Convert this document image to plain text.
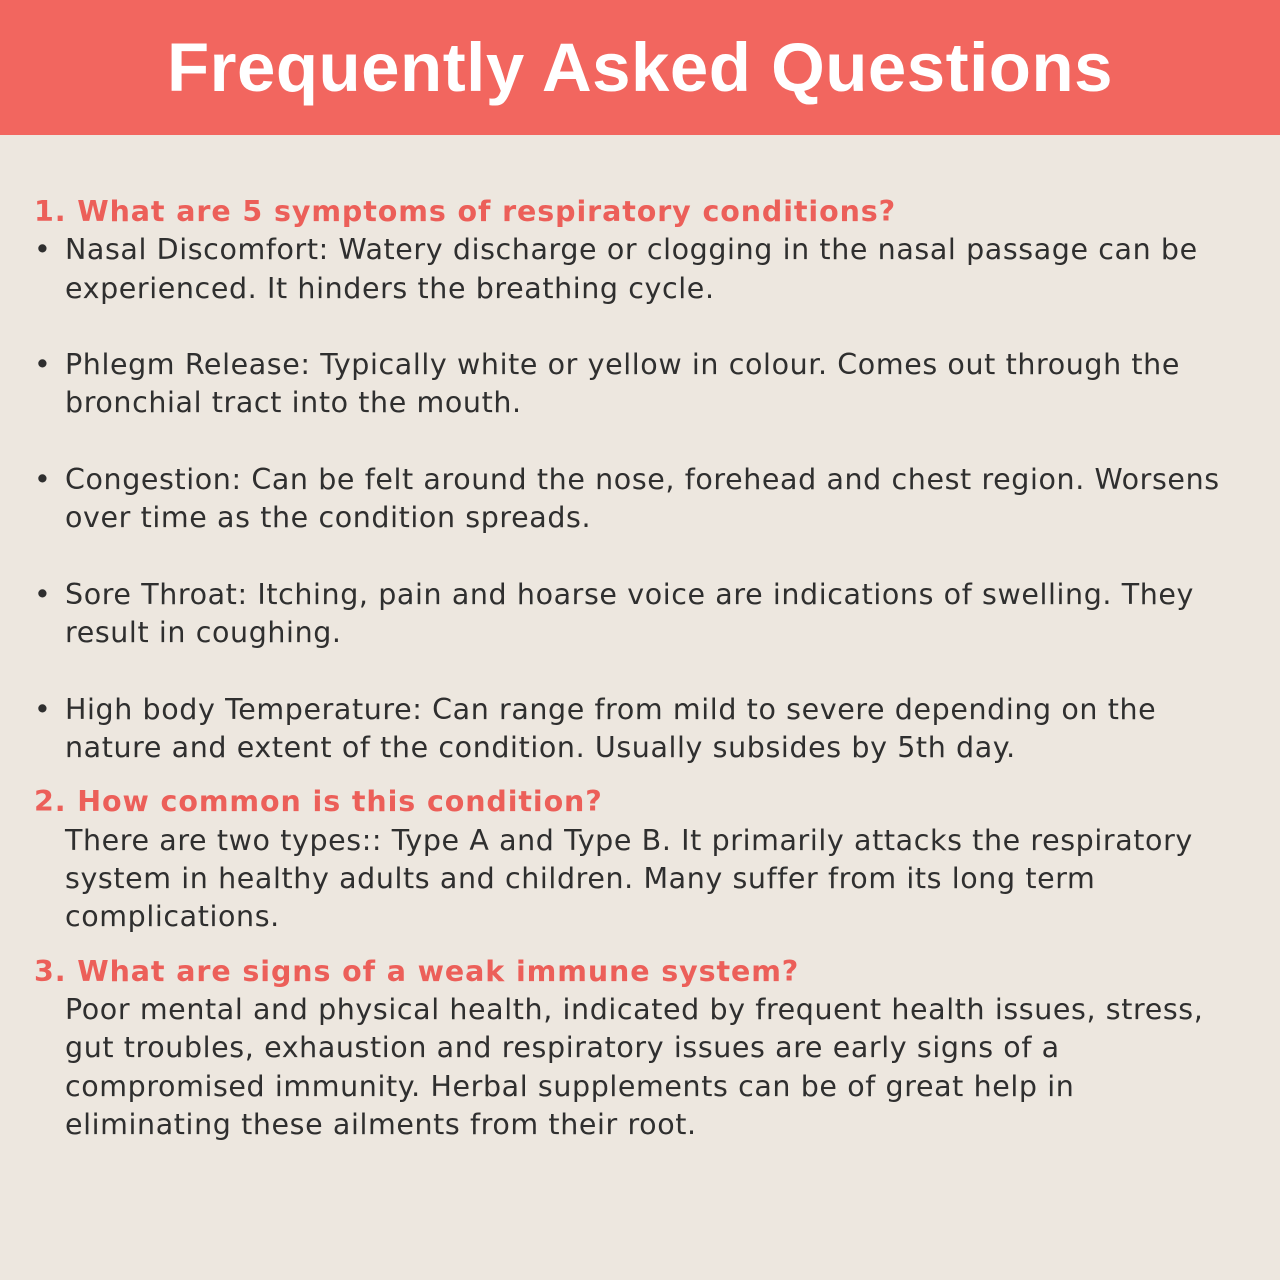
Frequently Asked Questions

1. What are 5 symptoms of respiratory conditions?

• Nasal Discomfort: Watery discharge or clogging in the nasal passage can be experienced. It hinders the breathing cycle.
• Phlegm Release: Typically white or yellow in colour. Comes out through the bronchial tract into the mouth.
• Congestion: Can be felt around the nose, forehead and chest region. Worsens over time as the condition spreads.
• Sore Throat: Itching, pain and hoarse voice are indications of swelling. They result in coughing.
• High body Temperature: Can range from mild to severe depending on the nature and extent of the condition. Usually subsides by 5th day.

2. How common is this condition?

There are two types:: Type A and Type B. It primarily attacks the respiratory system in healthy adults and children. Many suffer from its long term complications.

3. What are signs of a weak immune system?

Poor mental and physical health, indicated by frequent health issues, stress, gut troubles, exhaustion and respiratory issues are early signs of a compromised immunity. Herbal supplements can be of great help in eliminating these ailments from their root.
